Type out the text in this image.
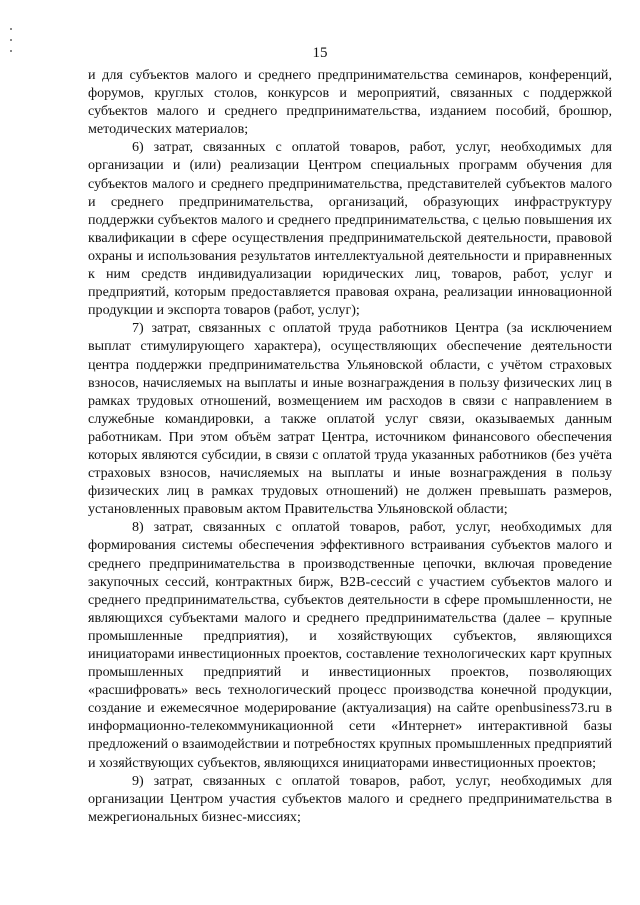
15

и для субъектов малого и среднего предпринимательства семинаров, конференций, форумов, круглых столов, конкурсов и мероприятий, связанных с поддержкой субъектов малого и среднего предпринимательства, изданием пособий, брошюр, методических материалов;

6) затрат, связанных с оплатой товаров, работ, услуг, необходимых для организации и (или) реализации Центром специальных программ обучения для субъектов малого и среднего предпринимательства, представителей субъектов малого и среднего предпринимательства, организаций, образующих инфраструктуру поддержки субъектов малого и среднего предпринимательства, с целью повышения их квалификации в сфере осуществления предпринимательской деятельности, правовой охраны и использования результатов интеллектуальной деятельности и приравненных к ним средств индивидуализации юридических лиц, товаров, работ, услуг и предприятий, которым предоставляется правовая охрана, реализации инновационной продукции и экспорта товаров (работ, услуг);

7) затрат, связанных с оплатой труда работников Центра (за исключением выплат стимулирующего характера), осуществляющих обеспечение деятельности центра поддержки предпринимательства Ульяновской области, с учётом страховых взносов, начисляемых на выплаты и иные вознаграждения в пользу физических лиц в рамках трудовых отношений, возмещением им расходов в связи с направлением в служебные командировки, а также оплатой услуг связи, оказываемых данным работникам. При этом объём затрат Центра, источником финансового обеспечения которых являются субсидии, в связи с оплатой труда указанных работников (без учёта страховых взносов, начисляемых на выплаты и иные вознаграждения в пользу физических лиц в рамках трудовых отношений) не должен превышать размеров, установленных правовым актом Правительства Ульяновской области;

8) затрат, связанных с оплатой товаров, работ, услуг, необходимых для формирования системы обеспечения эффективного встраивания субъектов малого и среднего предпринимательства в производственные цепочки, включая проведение закупочных сессий, контрактных бирж, B2B-сессий с участием субъектов малого и среднего предпринимательства, субъектов деятельности в сфере промышленности, не являющихся субъектами малого и среднего предпринимательства (далее – крупные промышленные предприятия), и хозяйствующих субъектов, являющихся инициаторами инвестиционных проектов, составление технологических карт крупных промышленных предприятий и инвестиционных проектов, позволяющих «расшифровать» весь технологический процесс производства конечной продукции, создание и ежемесячное модерирование (актуализация) на сайте openbusiness73.ru в информационно-телекоммуникационной сети «Интернет» интерактивной базы предложений о взаимодействии и потребностях крупных промышленных предприятий и хозяйствующих субъектов, являющихся инициаторами инвестиционных проектов;

9) затрат, связанных с оплатой товаров, работ, услуг, необходимых для организации Центром участия субъектов малого и среднего предпринимательства в межрегиональных бизнес-миссиях;
